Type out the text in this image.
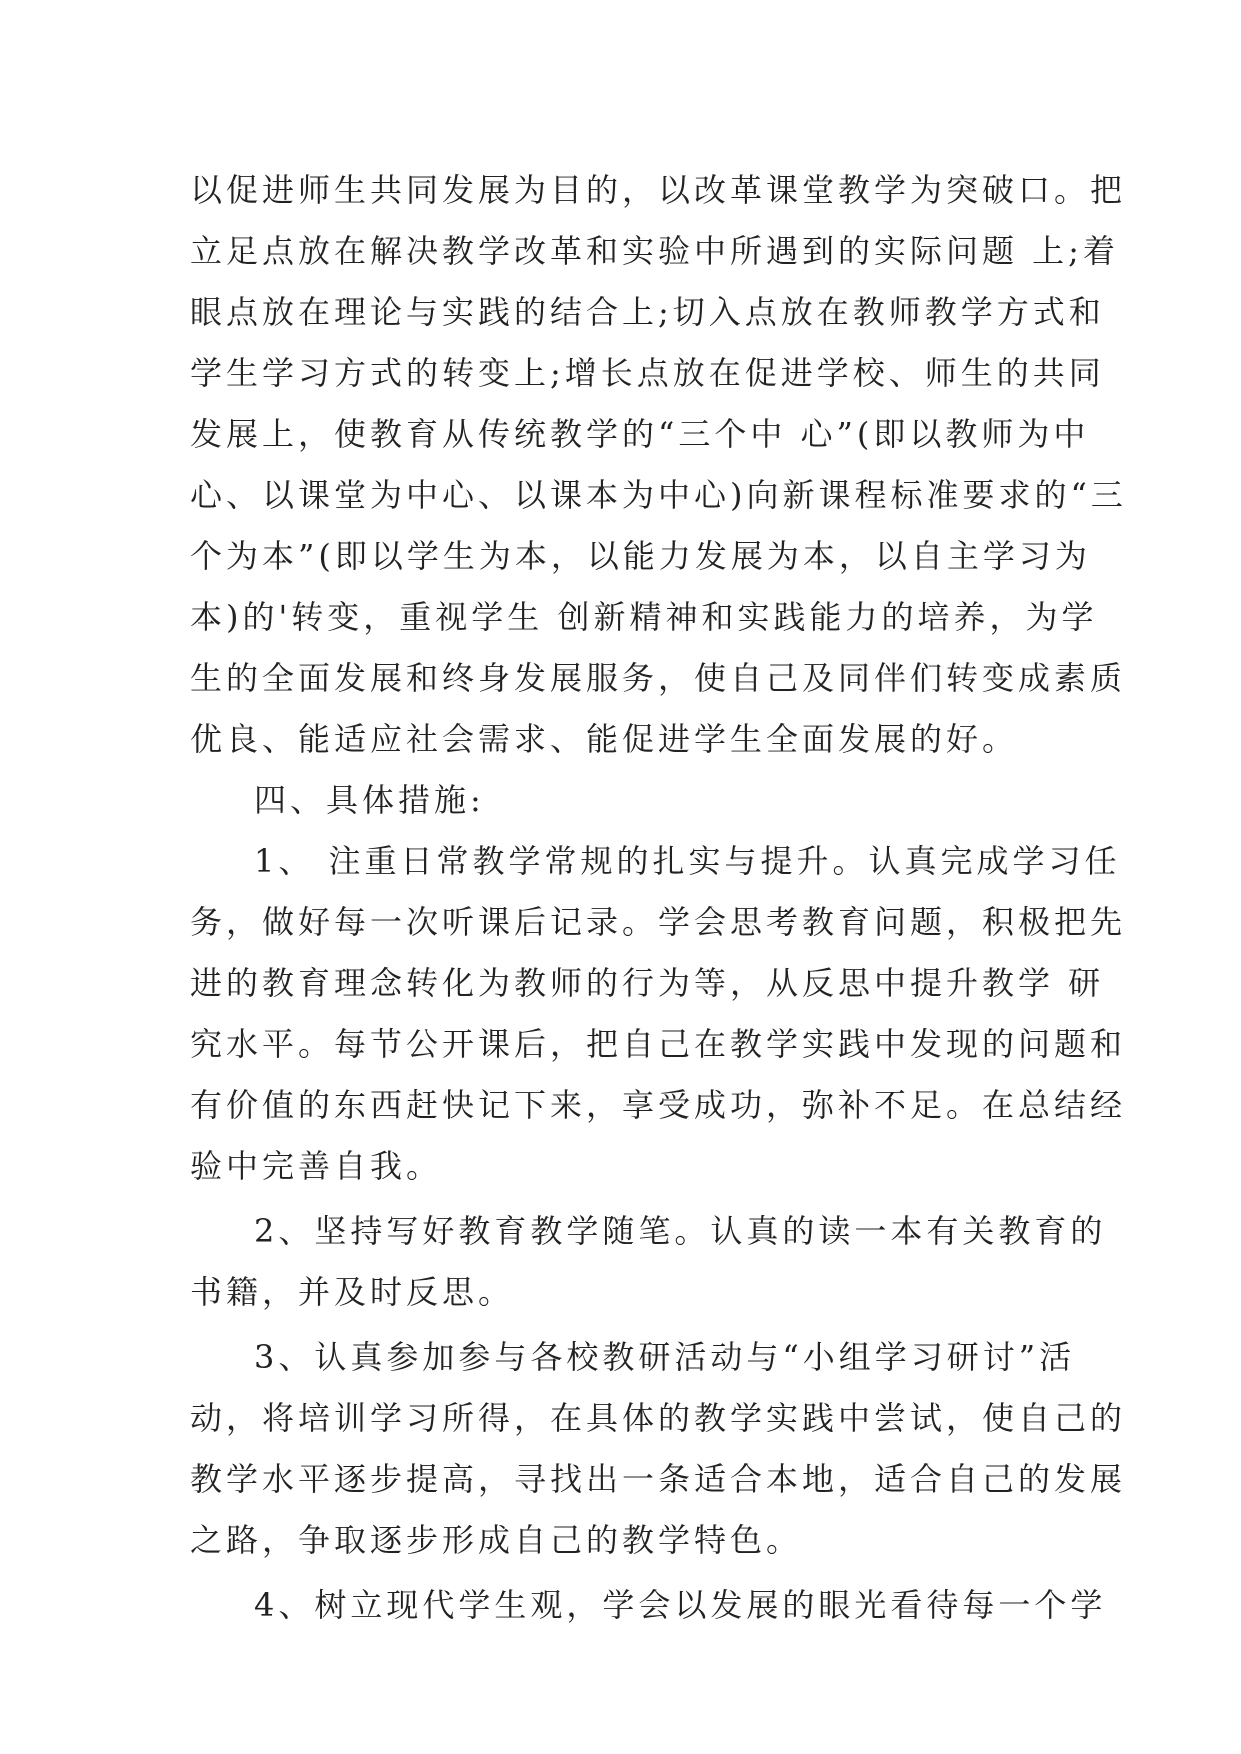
以促进师生共同发展为目的，以改革课堂教学为突破口。把
立足点放在解决教学改革和实验中所遇到的实际问题 上;着
眼点放在理论与实践的结合上;切入点放在教师教学方式和
学生学习方式的转变上;增长点放在促进学校、师生的共同
发展上，使教育从传统教学的“三个中 心”(即以教师为中
心、以课堂为中心、以课本为中心)向新课程标准要求的“三
个为本”(即以学生为本，以能力发展为本，以自主学习为
本)的'转变，重视学生 创新精神和实践能力的培养，为学
生的全面发展和终身发展服务，使自己及同伴们转变成素质
优良、能适应社会需求、能促进学生全面发展的好。
四、具体措施:
1、 注重日常教学常规的扎实与提升。认真完成学习任
务，做好每一次听课后记录。学会思考教育问题，积极把先
进的教育理念转化为教师的行为等，从反思中提升教学 研
究水平。每节公开课后，把自己在教学实践中发现的问题和
有价值的东西赶快记下来，享受成功，弥补不足。在总结经
验中完善自我。
2、坚持写好教育教学随笔。认真的读一本有关教育的
书籍，并及时反思。
3、认真参加参与各校教研活动与“小组学习研讨”活
动，将培训学习所得，在具体的教学实践中尝试，使自己的
教学水平逐步提高，寻找出一条适合本地，适合自己的发展
之路，争取逐步形成自己的教学特色。
4、树立现代学生观，学会以发展的眼光看待每一个学
